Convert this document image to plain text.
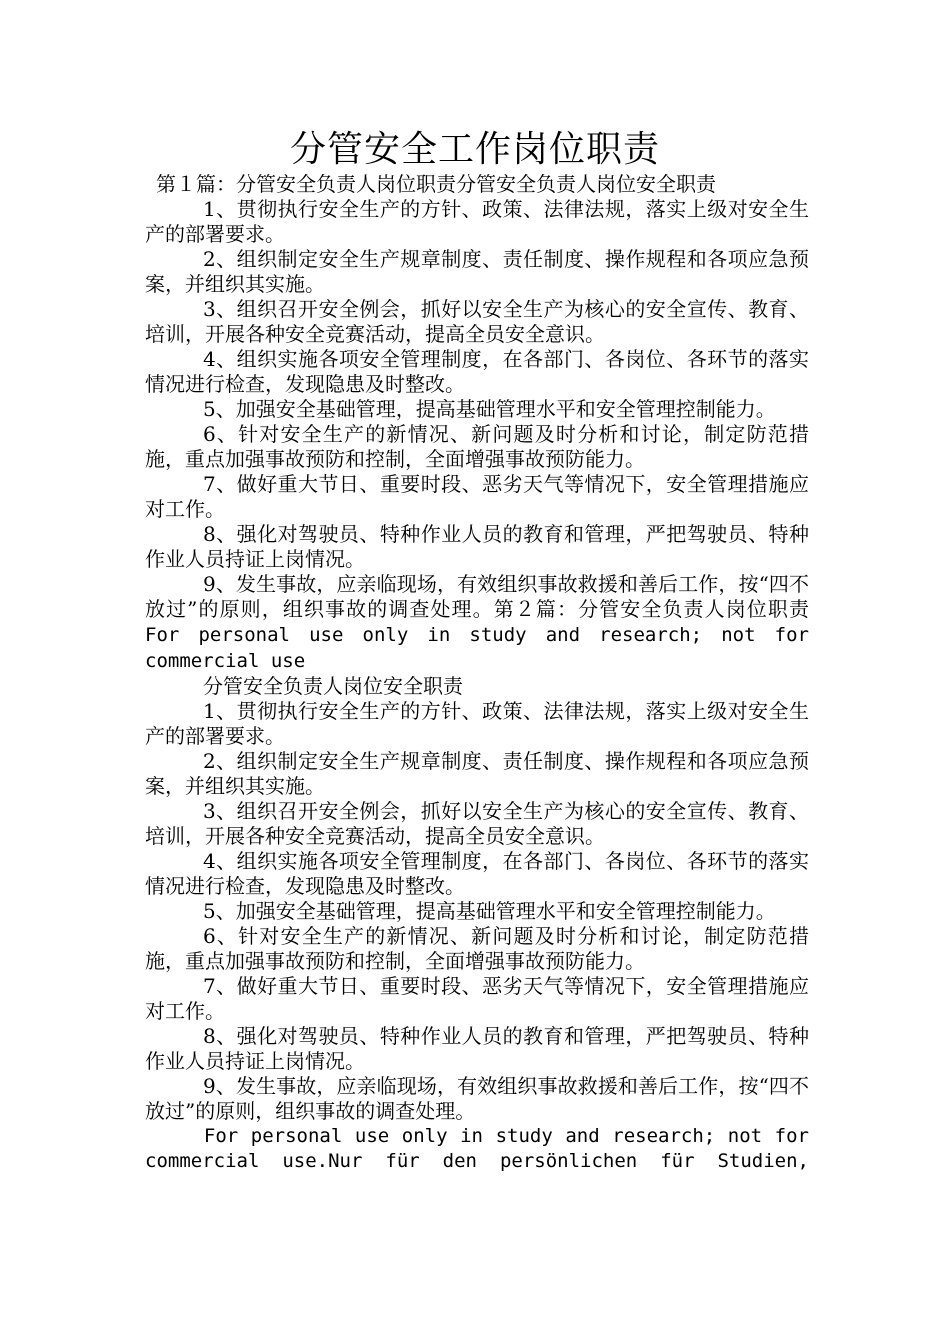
分管安全工作岗位职责

第１篇：分管安全负责人岗位职责分管安全负责人岗位安全职责

1、贯彻执行安全生产的方针、政策、法律法规，落实上级对安全生产的部署要求。

2、组织制定安全生产规章制度、责任制度、操作规程和各项应急预案，并组织其实施。

3、组织召开安全例会，抓好以安全生产为核心的安全宣传、教育、培训，开展各种安全竞赛活动，提高全员安全意识。

4、组织实施各项安全管理制度，在各部门、各岗位、各环节的落实情况进行检查，发现隐患及时整改。

5、加强安全基础管理，提高基础管理水平和安全管理控制能力。

6、针对安全生产的新情况、新问题及时分析和讨论，制定防范措施，重点加强事故预防和控制，全面增强事故预防能力。

7、做好重大节日、重要时段、恶劣天气等情况下，安全管理措施应对工作。

8、强化对驾驶员、特种作业人员的教育和管理，严把驾驶员、特种作业人员持证上岗情况。

9、发生事故，应亲临现场，有效组织事故救援和善后工作，按“四不放过”的原则，组织事故的调查处理。第２篇：分管安全负责人岗位职责For personal use only in study and research; not for commercial use

分管安全负责人岗位安全职责

1、贯彻执行安全生产的方针、政策、法律法规，落实上级对安全生产的部署要求。

2、组织制定安全生产规章制度、责任制度、操作规程和各项应急预案，并组织其实施。

3、组织召开安全例会，抓好以安全生产为核心的安全宣传、教育、培训，开展各种安全竞赛活动，提高全员安全意识。

4、组织实施各项安全管理制度，在各部门、各岗位、各环节的落实情况进行检查，发现隐患及时整改。

5、加强安全基础管理，提高基础管理水平和安全管理控制能力。

6、针对安全生产的新情况、新问题及时分析和讨论，制定防范措施，重点加强事故预防和控制，全面增强事故预防能力。

7、做好重大节日、重要时段、恶劣天气等情况下，安全管理措施应对工作。

8、强化对驾驶员、特种作业人员的教育和管理，严把驾驶员、特种作业人员持证上岗情况。

9、发生事故，应亲临现场，有效组织事故救援和善后工作，按“四不放过”的原则，组织事故的调查处理。

For personal use only in study and research; not for

commercial use.Nur für den persönlichen für Studien,
